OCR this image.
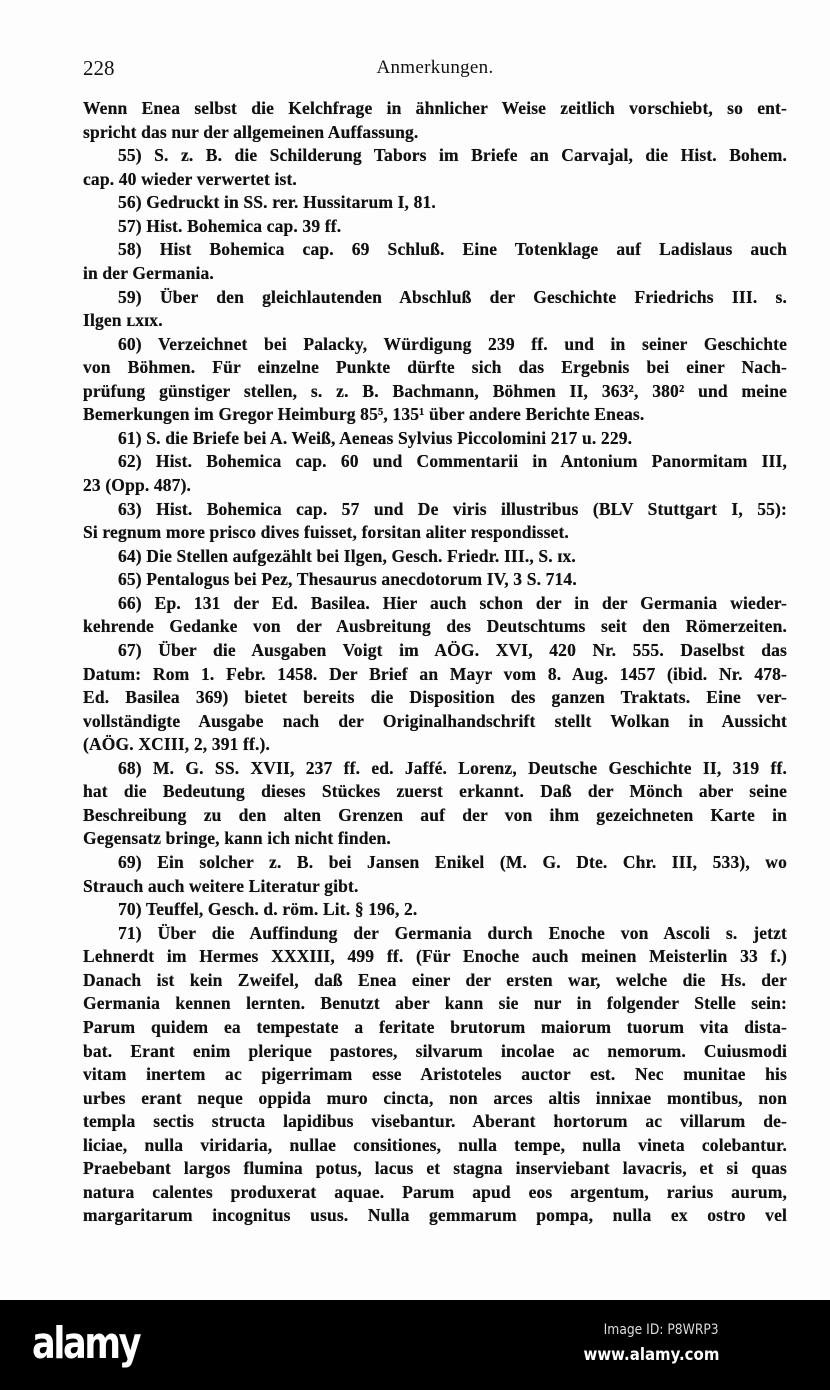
228	Anmerkungen.
Wenn Enea selbst die Kelchfrage in ähnlicher Weise zeitlich vorschiebt, so ent-
spricht das nur der allgemeinen Auffassung.
55) S. z. B. die Schilderung Tabors im Briefe an Carvajal, die Hist. Bohem.
cap. 40 wieder verwertet ist.
56) Gedruckt in SS. rer. Hussitarum I, 81.
57) Hist. Bohemica cap. 39 ff.
58) Hist Bohemica cap. 69 Schluß. Eine Totenklage auf Ladislaus auch
in der Germania.
59) Über den gleichlautenden Abschluß der Geschichte Friedrichs III. s.
Ilgen ʟxɪx.
60) Verzeichnet bei Palacky, Würdigung 239 ff. und in seiner Geschichte
von Böhmen. Für einzelne Punkte dürfte sich das Ergebnis bei einer Nach-
prüfung günstiger stellen, s. z. B. Bachmann, Böhmen II, 363², 380² und meine
Bemerkungen im Gregor Heimburg 85⁵, 135¹ über andere Berichte Eneas.
61) S. die Briefe bei A. Weiß, Aeneas Sylvius Piccolomini 217 u. 229.
62) Hist. Bohemica cap. 60 und Commentarii in Antonium Panormitam III,
23 (Opp. 487).
63) Hist. Bohemica cap. 57 und De viris illustribus (BLV Stuttgart I, 55):
Si regnum more prisco dives fuisset, forsitan aliter respondisset.
64) Die Stellen aufgezählt bei Ilgen, Gesch. Friedr. III., S. ɪx.
65) Pentalogus bei Pez, Thesaurus anecdotorum IV, 3 S. 714.
66) Ep. 131 der Ed. Basilea. Hier auch schon der in der Germania wieder-
kehrende Gedanke von der Ausbreitung des Deutschtums seit den Römerzeiten.
67) Über die Ausgaben Voigt im AÖG. XVI, 420 Nr. 555. Daselbst das
Datum: Rom 1. Febr. 1458. Der Brief an Mayr vom 8. Aug. 1457 (ibid. Nr. 478-
Ed. Basilea 369) bietet bereits die Disposition des ganzen Traktats. Eine ver-
vollständigte Ausgabe nach der Originalhandschrift stellt Wolkan in Aussicht
(AÖG. XCIII, 2, 391 ff.).
68) M. G. SS. XVII, 237 ff. ed. Jaffé. Lorenz, Deutsche Geschichte II, 319 ff.
hat die Bedeutung dieses Stückes zuerst erkannt. Daß der Mönch aber seine
Beschreibung zu den alten Grenzen auf der von ihm gezeichneten Karte in
Gegensatz bringe, kann ich nicht finden.
69) Ein solcher z. B. bei Jansen Enikel (M. G. Dte. Chr. III, 533), wo
Strauch auch weitere Literatur gibt.
70) Teuffel, Gesch. d. röm. Lit. § 196, 2.
71) Über die Auffindung der Germania durch Enoche von Ascoli s. jetzt
Lehnerdt im Hermes XXXIII, 499 ff. (Für Enoche auch meinen Meisterlin 33 f.)
Danach ist kein Zweifel, daß Enea einer der ersten war, welche die Hs. der
Germania kennen lernten. Benutzt aber kann sie nur in folgender Stelle sein:
Parum quidem ea tempestate a feritate brutorum maiorum tuorum vita dista-
bat. Erant enim plerique pastores, silvarum incolae ac nemorum. Cuiusmodi
vitam inertem ac pigerrimam esse Aristoteles auctor est. Nec munitae his
urbes erant neque oppida muro cincta, non arces altis innixae montibus, non
templa sectis structa lapidibus visebantur. Aberant hortorum ac villarum de-
liciae, nulla viridaria, nullae consitiones, nulla tempe, nulla vineta colebantur.
Praebebant largos flumina potus, lacus et stagna inserviebant lavacris, et si quas
natura calentes produxerat aquae. Parum apud eos argentum, rarius aurum,
margaritarum incognitus usus. Nulla gemmarum pompa, nulla ex ostro vel
alamy	Image ID: P8WRP3
www.alamy.com
